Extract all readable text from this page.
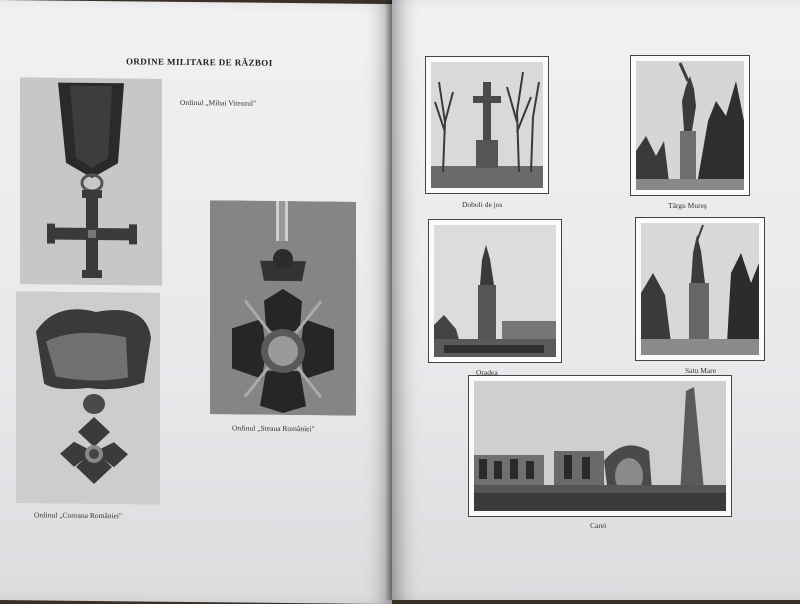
ORDINE MILITARE DE RĂZBOI
Ordinul „Mihai Viteazul"
Ordinul „Steaua României"
Ordinul „Coroana României"
Doboli de jos	Târgu Mureş
Oradea	Satu Mare
Carei
